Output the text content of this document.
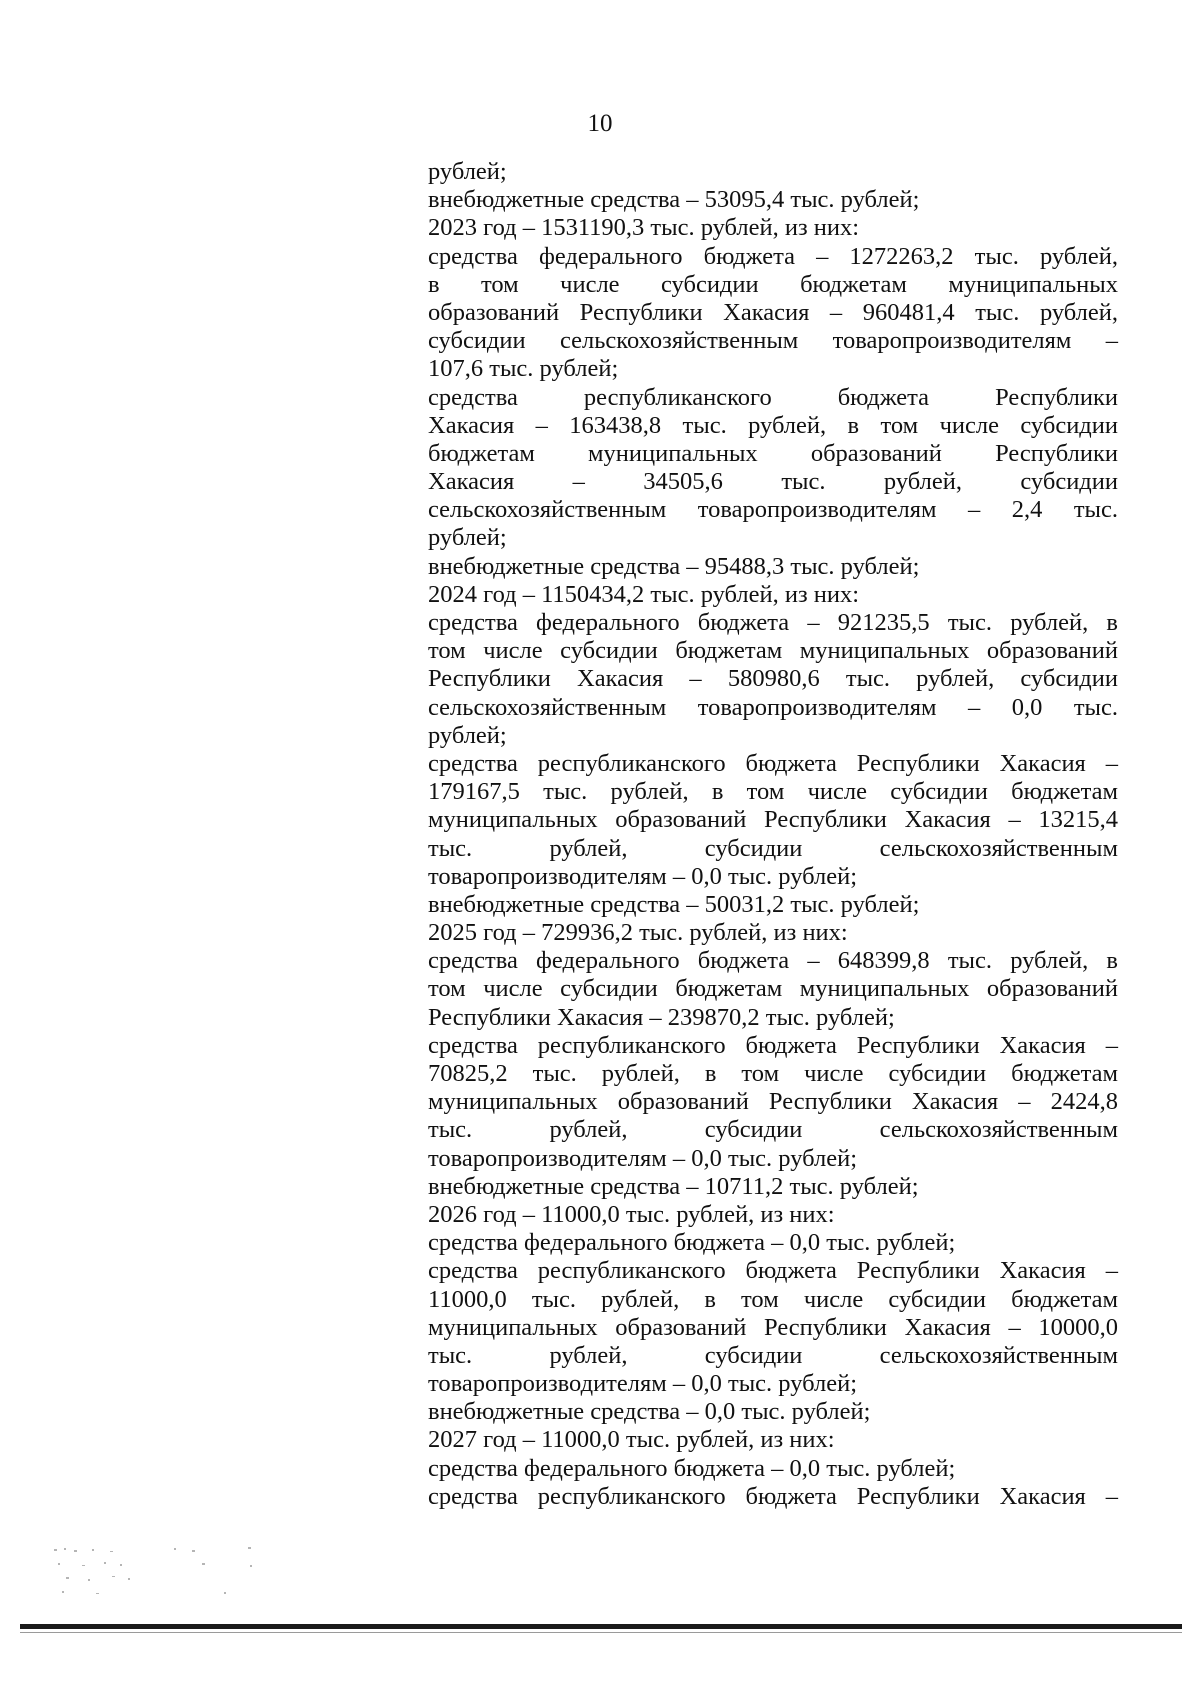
10
рублей;
внебюджетные средства – 53095,4 тыс. рублей;
2023 год – 1531190,3 тыс. рублей, из них:
средства федерального бюджета – 1272263,2 тыс. рублей,
в том числе субсидии бюджетам муниципальных
образований Республики Хакасия – 960481,4 тыс. рублей,
субсидии сельскохозяйственным товаропроизводителям –
107,6 тыс. рублей;
средства республиканского бюджета Республики
Хакасия – 163438,8 тыс. рублей, в том числе субсидии
бюджетам муниципальных образований Республики
Хакасия – 34505,6 тыс. рублей, субсидии
сельскохозяйственным товаропроизводителям – 2,4 тыс.
рублей;
внебюджетные средства – 95488,3 тыс. рублей;
2024 год – 1150434,2 тыс. рублей, из них:
средства федерального бюджета – 921235,5 тыс. рублей, в
том числе субсидии бюджетам муниципальных образований
Республики Хакасия – 580980,6 тыс. рублей, субсидии
сельскохозяйственным товаропроизводителям – 0,0 тыс.
рублей;
средства республиканского бюджета Республики Хакасия –
179167,5 тыс. рублей, в том числе субсидии бюджетам
муниципальных образований Республики Хакасия – 13215,4
тыс. рублей, субсидии сельскохозяйственным
товаропроизводителям – 0,0 тыс. рублей;
внебюджетные средства – 50031,2 тыс. рублей;
2025 год – 729936,2 тыс. рублей, из них:
средства федерального бюджета – 648399,8 тыс. рублей, в
том числе субсидии бюджетам муниципальных образований
Республики Хакасия – 239870,2 тыс. рублей;
средства республиканского бюджета Республики Хакасия –
70825,2 тыс. рублей, в том числе субсидии бюджетам
муниципальных образований Республики Хакасия – 2424,8
тыс. рублей, субсидии сельскохозяйственным
товаропроизводителям – 0,0 тыс. рублей;
внебюджетные средства – 10711,2 тыс. рублей;
2026 год – 11000,0 тыс. рублей, из них:
средства федерального бюджета – 0,0 тыс. рублей;
средства республиканского бюджета Республики Хакасия –
11000,0 тыс. рублей, в том числе субсидии бюджетам
муниципальных образований Республики Хакасия – 10000,0
тыс. рублей, субсидии сельскохозяйственным
товаропроизводителям – 0,0 тыс. рублей;
внебюджетные средства – 0,0 тыс. рублей;
2027 год – 11000,0 тыс. рублей, из них:
средства федерального бюджета – 0,0 тыс. рублей;
средства республиканского бюджета Республики Хакасия –
